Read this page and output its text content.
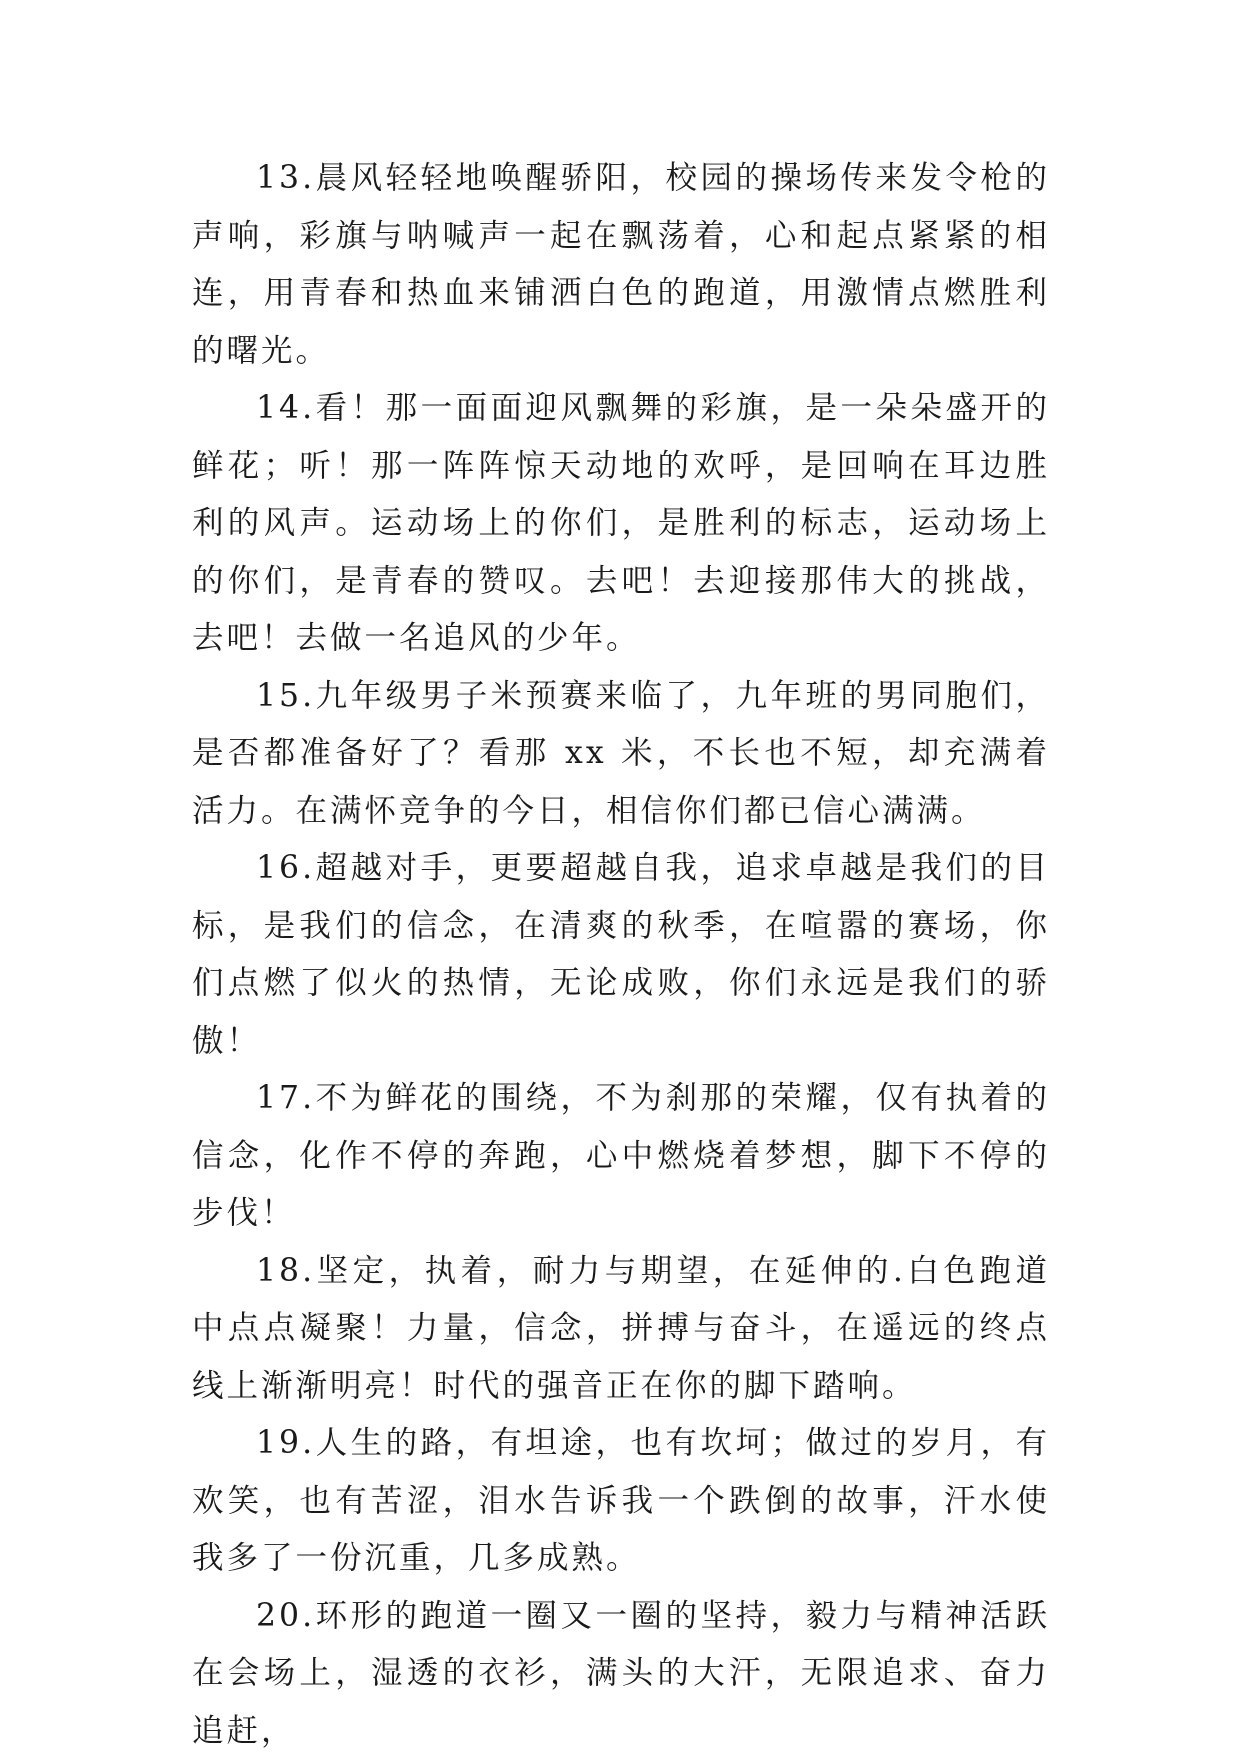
13.晨风轻轻地唤醒骄阳，校园的操场传来发令枪的声响，彩旗与呐喊声一起在飘荡着，心和起点紧紧的相连，用青春和热血来铺洒白色的跑道，用激情点燃胜利的曙光。

14.看！那一面面迎风飘舞的彩旗，是一朵朵盛开的鲜花；听！那一阵阵惊天动地的欢呼，是回响在耳边胜利的风声。运动场上的你们，是胜利的标志，运动场上的你们，是青春的赞叹。去吧！去迎接那伟大的挑战，去吧！去做一名追风的少年。

15.九年级男子米预赛来临了，九年班的男同胞们，是否都准备好了？看那 xx 米，不长也不短，却充满着活力。在满怀竞争的今日，相信你们都已信心满满。

16.超越对手，更要超越自我，追求卓越是我们的目标，是我们的信念，在清爽的秋季，在喧嚣的赛场，你们点燃了似火的热情，无论成败，你们永远是我们的骄傲！

17.不为鲜花的围绕，不为刹那的荣耀，仅有执着的信念，化作不停的奔跑，心中燃烧着梦想，脚下不停的步伐！

18.坚定，执着，耐力与期望，在延伸的.白色跑道中点点凝聚！力量，信念，拼搏与奋斗，在遥远的终点线上渐渐明亮！时代的强音正在你的脚下踏响。

19.人生的路，有坦途，也有坎坷；做过的岁月，有欢笑，也有苦涩，泪水告诉我一个跌倒的故事，汗水使我多了一份沉重，几多成熟。

20.环形的跑道一圈又一圈的坚持，毅力与精神活跃在会场上，湿透的衣衫，满头的大汗，无限追求、奋力追赶，
